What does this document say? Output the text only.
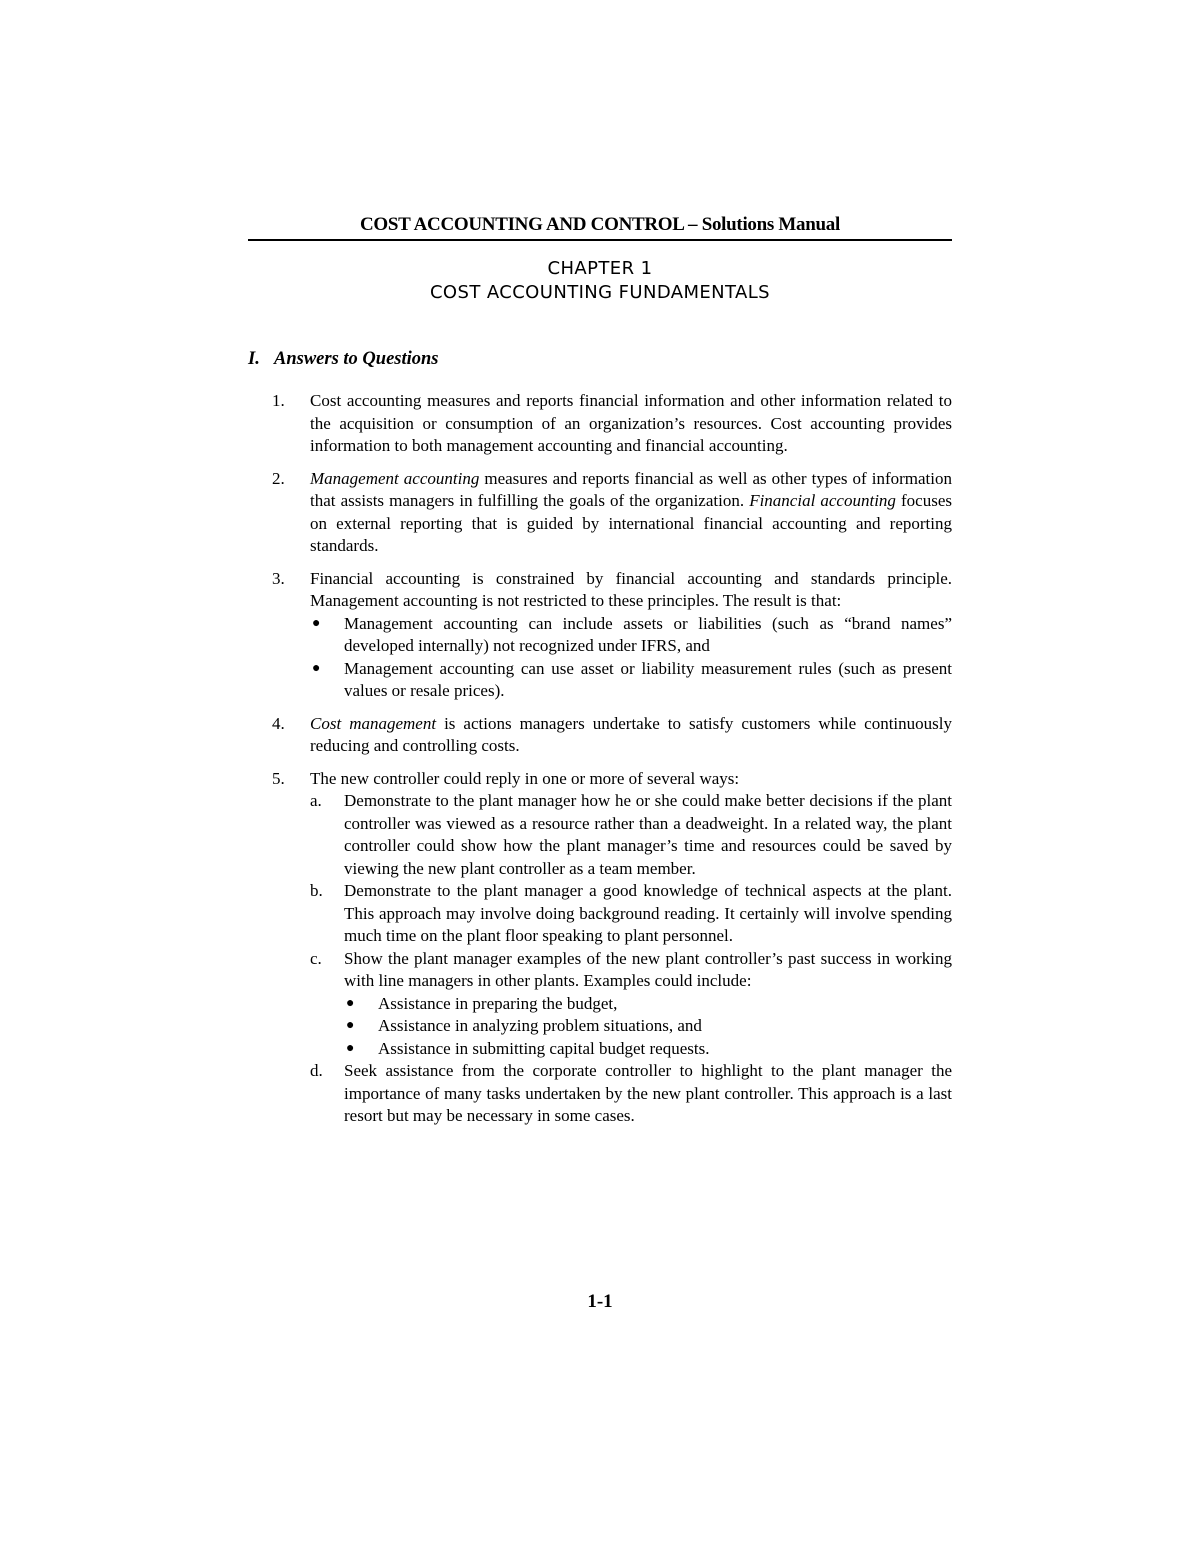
COST ACCOUNTING AND CONTROL – Solutions Manual
CHAPTER 1
COST ACCOUNTING FUNDAMENTALS
I. Answers to Questions
1. Cost accounting measures and reports financial information and other information related to the acquisition or consumption of an organization’s resources. Cost accounting provides information to both management accounting and financial accounting.
2. Management accounting measures and reports financial as well as other types of information that assists managers in fulfilling the goals of the organization. Financial accounting focuses on external reporting that is guided by international financial accounting and reporting standards.
3. Financial accounting is constrained by financial accounting and standards principle. Management accounting is not restricted to these principles. The result is that:
● Management accounting can include assets or liabilities (such as “brand names” developed internally) not recognized under IFRS, and
● Management accounting can use asset or liability measurement rules (such as present values or resale prices).
4. Cost management is actions managers undertake to satisfy customers while continuously reducing and controlling costs.
5. The new controller could reply in one or more of several ways:
a. Demonstrate to the plant manager how he or she could make better decisions if the plant controller was viewed as a resource rather than a deadweight. In a related way, the plant controller could show how the plant manager’s time and resources could be saved by viewing the new plant controller as a team member.
b. Demonstrate to the plant manager a good knowledge of technical aspects at the plant. This approach may involve doing background reading. It certainly will involve spending much time on the plant floor speaking to plant personnel.
c. Show the plant manager examples of the new plant controller’s past success in working with line managers in other plants. Examples could include:
● Assistance in preparing the budget,
● Assistance in analyzing problem situations, and
● Assistance in submitting capital budget requests.
d. Seek assistance from the corporate controller to highlight to the plant manager the importance of many tasks undertaken by the new plant controller. This approach is a last resort but may be necessary in some cases.
1-1
